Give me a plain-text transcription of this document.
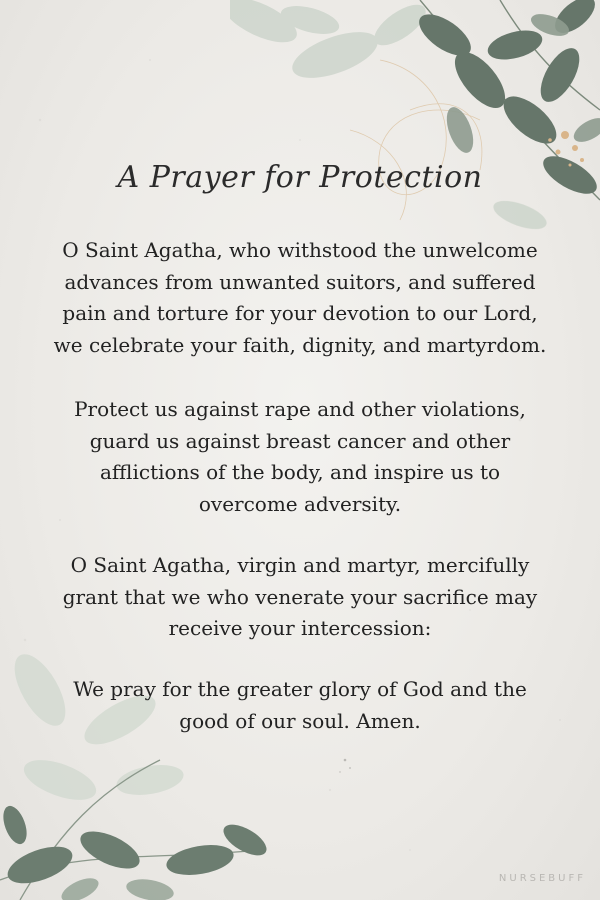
A Prayer for Protection

O Saint Agatha, who withstood the unwelcome
advances from unwanted suitors, and suffered
pain and torture for your devotion to our Lord,
we celebrate your faith, dignity, and martyrdom.

Protect us against rape and other violations,
guard us against breast cancer and other
afflictions of the body, and inspire us to
overcome adversity.

O Saint Agatha, virgin and martyr, mercifully
grant that we who venerate your sacrifice may
receive your intercession:

We pray for the greater glory of God and the
good of our soul. Amen.

NURSEBUFF
